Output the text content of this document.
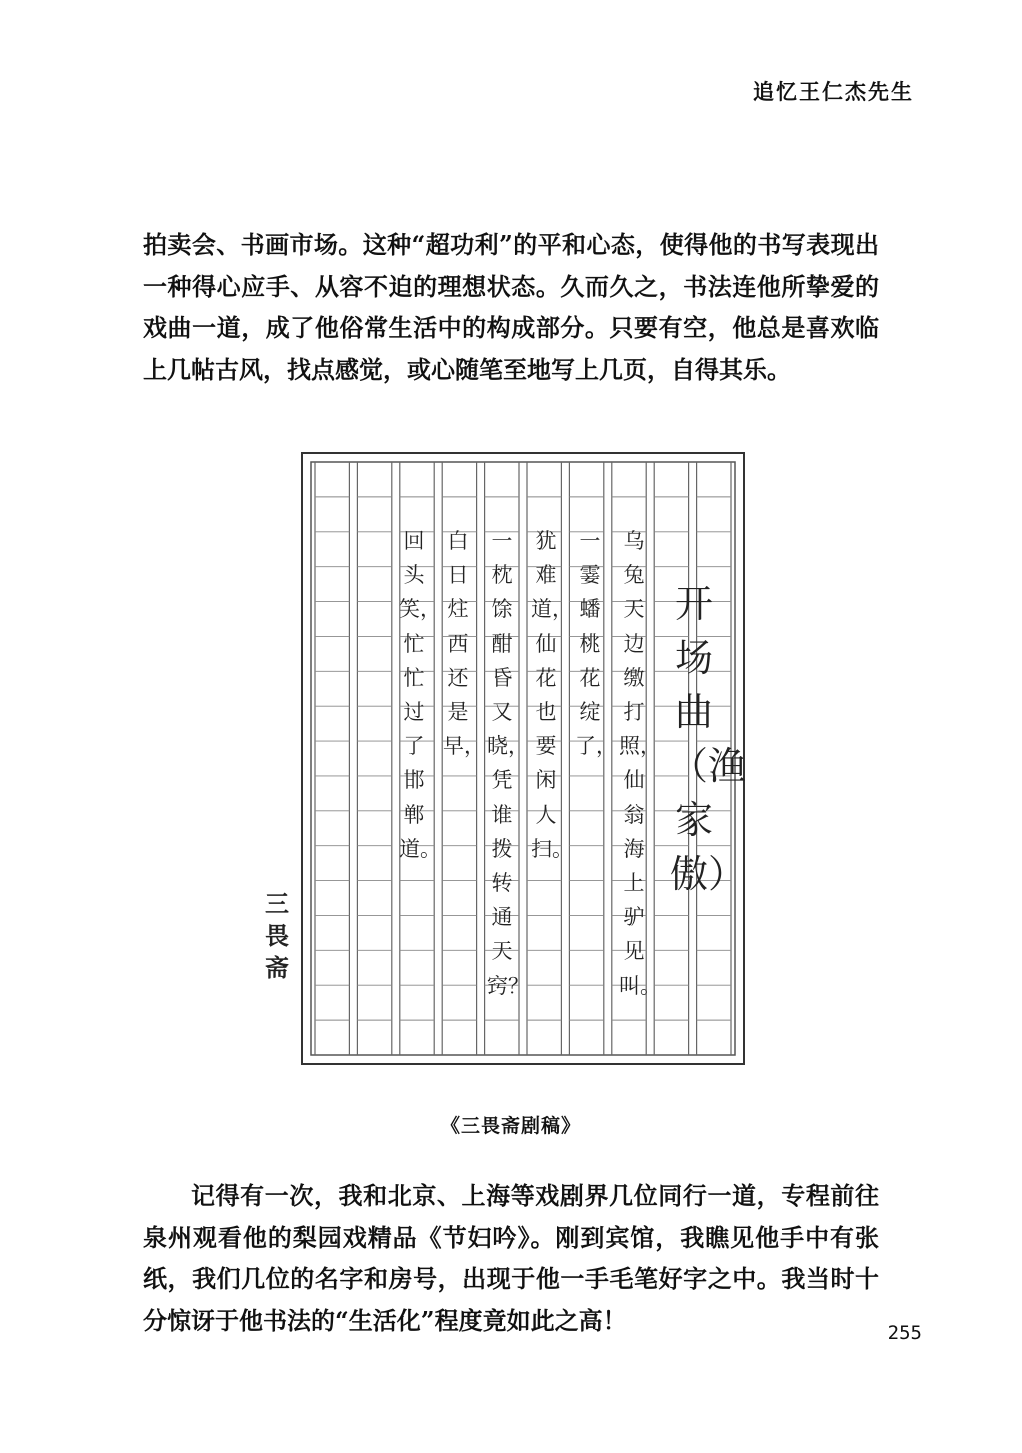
追忆王仁杰先生

拍卖会、书画市场。这种“超功利”的平和心态，使得他的书写表现出一种得心应手、从容不迫的理想状态。久而久之，书法连他所挚爱的戏曲一道，成了他俗常生活中的构成部分。只要有空，他总是喜欢临上几帖古风，找点感觉，或心随笔至地写上几页，自得其乐。

开场曲（渔家傲）
乌兔天边缴打照，仙翁海上驴见叫。
一霎蟠桃花绽了，
犹难道，仙花也要闲人扫。
一枕馀酣昏又晓，凭谁拨转通天窍？
白日炷西还是早，
回头笑，忙忙过了邯郸道。
三
畏
斋
《三畏斋剧稿》

记得有一次，我和北京、上海等戏剧界几位同行一道，专程前往泉州观看他的梨园戏精品《节妇吟》。刚到宾馆，我瞧见他手中有张纸，我们几位的名字和房号，出现于他一手毛笔好字之中。我当时十分惊讶于他书法的“生活化”程度竟如此之高！	255
